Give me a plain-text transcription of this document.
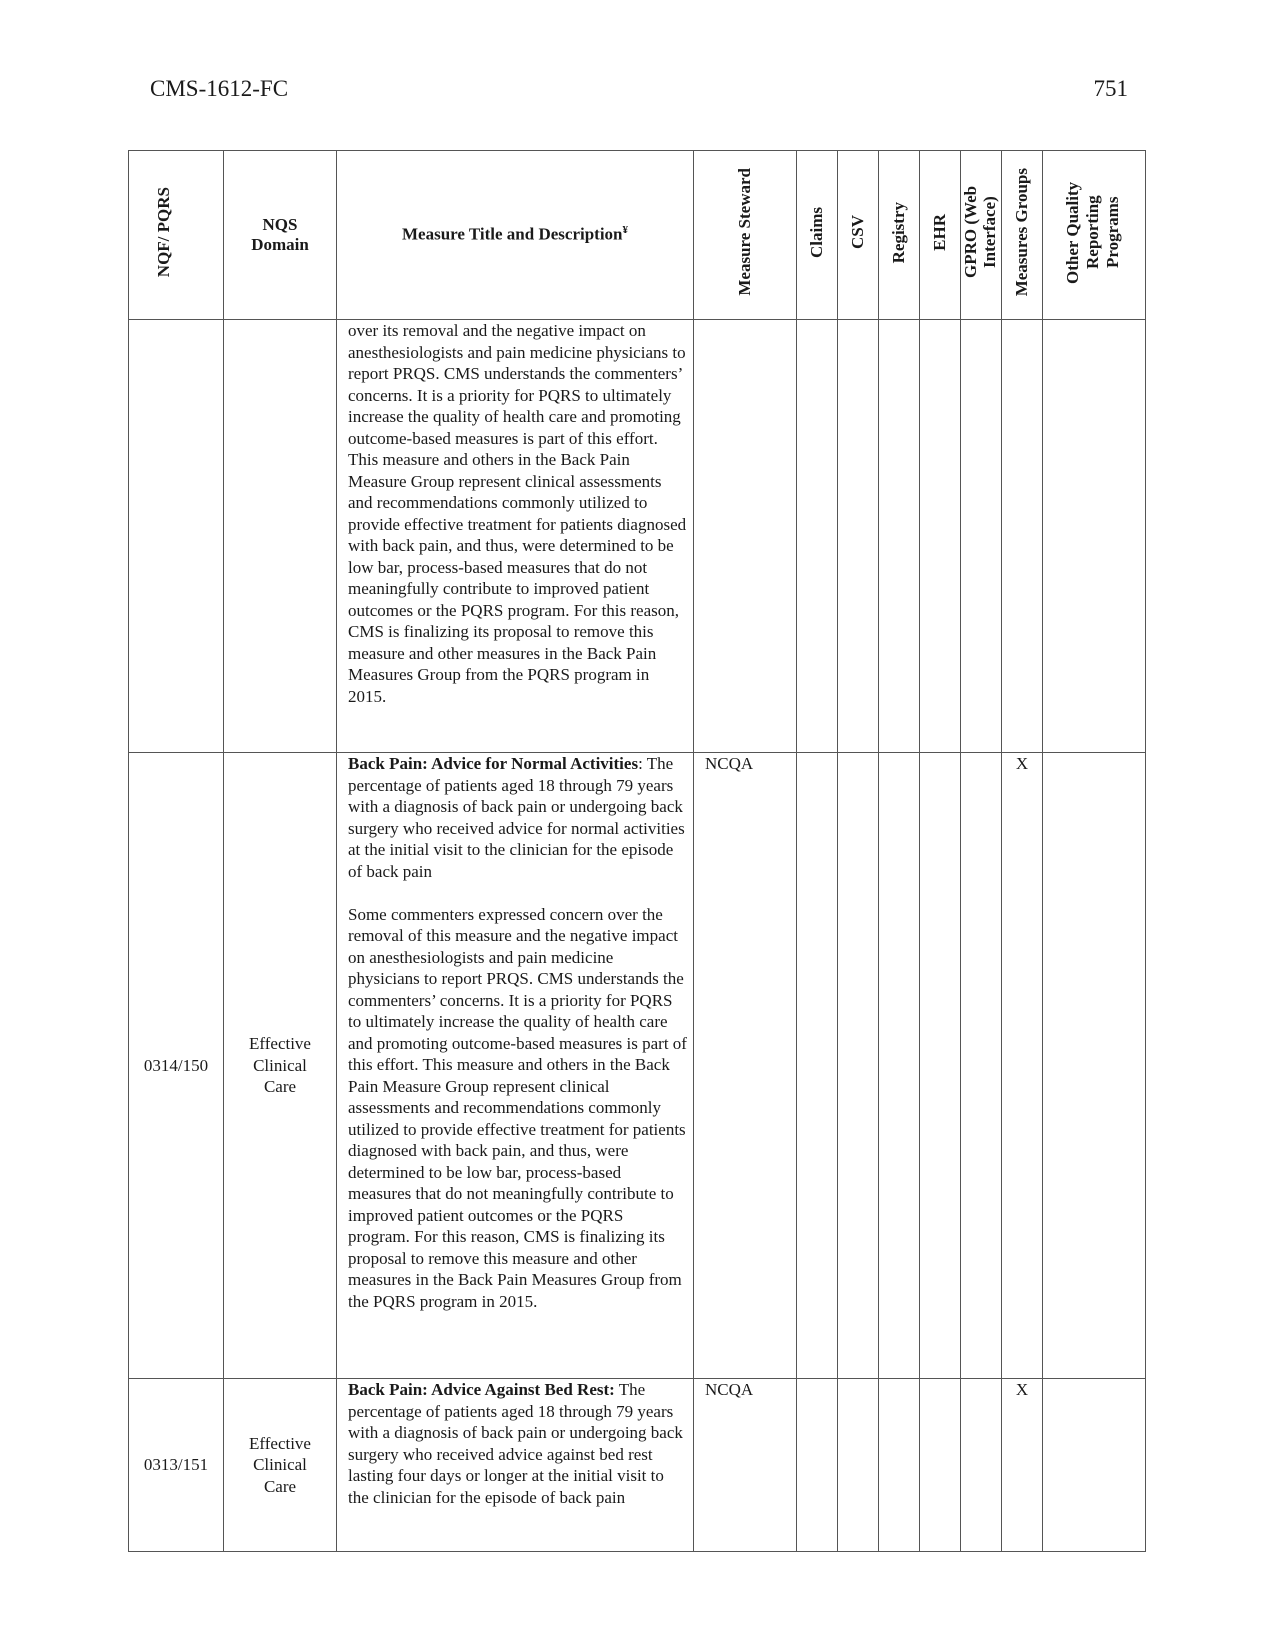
CMS-1612-FC	751
NQF/ PQRS	NQS Domain	Measure Title and Description¥	Measure Steward	Claims	CSV	Registry	EHR	GPRO (Web Interface)	Measures Groups	Other Quality Reporting Programs
		over its removal and the negative impact on anesthesiologists and pain medicine physicians to report PRQS. CMS understands the commenters’ concerns. It is a priority for PQRS to ultimately increase the quality of health care and promoting outcome-based measures is part of this effort. This measure and others in the Back Pain Measure Group represent clinical assessments and recommendations commonly utilized to provide effective treatment for patients diagnosed with back pain, and thus, were determined to be low bar, process-based measures that do not meaningfully contribute to improved patient outcomes or the PQRS program. For this reason, CMS is finalizing its proposal to remove this measure and other measures in the Back Pain Measures Group from the PQRS program in 2015.								
0314/150	Effective Clinical Care	Back Pain: Advice for Normal Activities: The percentage of patients aged 18 through 79 years with a diagnosis of back pain or undergoing back surgery who received advice for normal activities at the initial visit to the clinician for the episode of back pain
Some commenters expressed concern over the removal of this measure and the negative impact on anesthesiologists and pain medicine physicians to report PRQS. CMS understands the commenters’ concerns. It is a priority for PQRS to ultimately increase the quality of health care and promoting outcome-based measures is part of this effort. This measure and others in the Back Pain Measure Group represent clinical assessments and recommendations commonly utilized to provide effective treatment for patients diagnosed with back pain, and thus, were determined to be low bar, process-based measures that do not meaningfully contribute to improved patient outcomes or the PQRS program. For this reason, CMS is finalizing its proposal to remove this measure and other measures in the Back Pain Measures Group from the PQRS program in 2015.	NCQA						X	
0313/151	Effective Clinical Care	Back Pain: Advice Against Bed Rest: The percentage of patients aged 18 through 79 years with a diagnosis of back pain or undergoing back surgery who received advice against bed rest lasting four days or longer at the initial visit to the clinician for the episode of back pain	NCQA						X	
